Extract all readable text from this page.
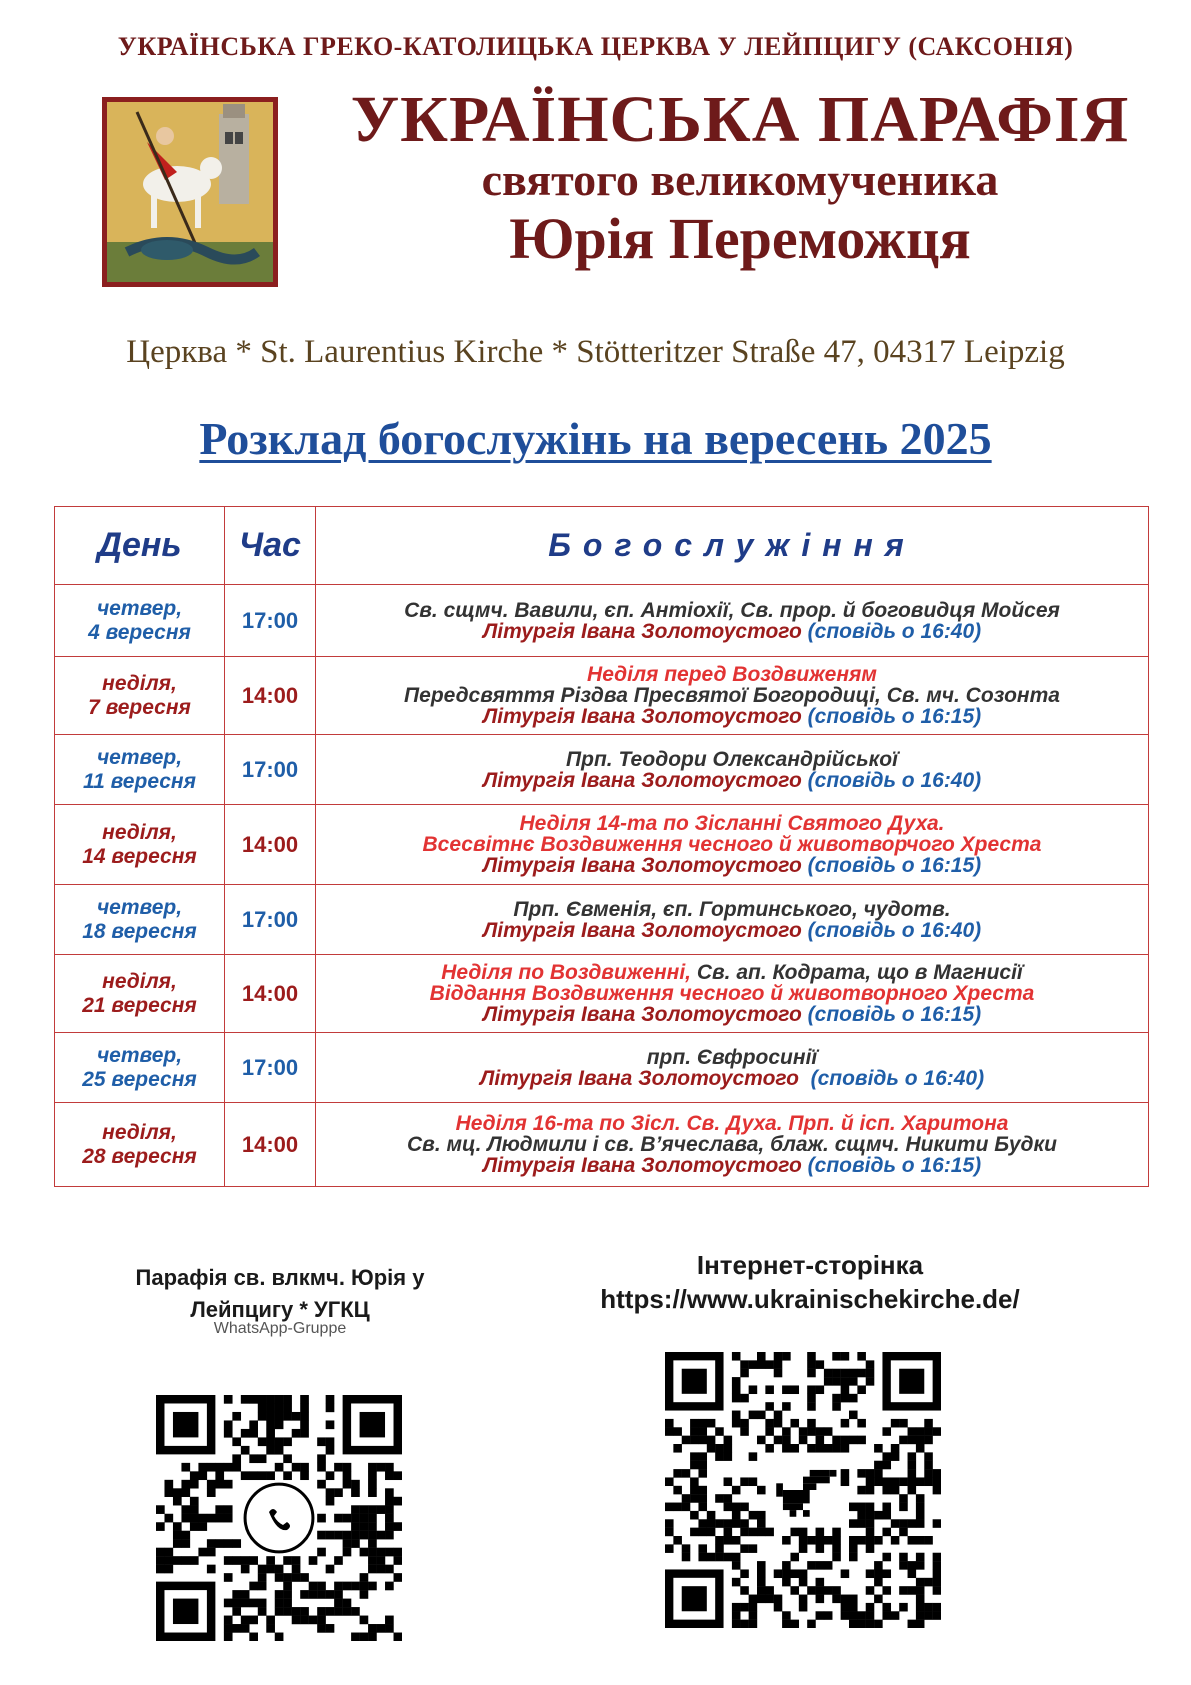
УКРАЇНСЬКА ГРЕКО-КАТОЛИЦЬКА ЦЕРКВА У ЛЕЙПЦИГУ (САКСОНІЯ)
УКРАЇНСЬКА ПАРАФІЯ
святого великомученика
Юрія Переможця
Церква * St. Laurentius Kirche * Stötteritzer Straße 47, 04317 Leipzig
Розклад богослужінь на вересень 2025
День	Час	Богослужіння
четвер,
4 вересня	17:00	Св. сщмч. Вавили, єп. Антіохії, Св. прор. й боговидця Мойсея
Літургія Івана Золотоустого (сповідь о 16:40)

неділя,
7 вересня	14:00	Неділя перед Воздвиженям
Передсвяття Різдва Пресвятої Богородиці, Св. мч. Созонта
Літургія Івана Золотоустого (сповідь о 16:15)

четвер,
11 вересня	17:00	Прп. Теодори Олександрійської
Літургія Івана Золотоустого (сповідь о 16:40)

неділя,
14 вересня	14:00	Неділя 14-та по Зісланні Святого Духа.
Всесвітнє Воздвиження чесного й животворчого Хреста
Літургія Івана Золотоустого (сповідь о 16:15)

четвер,
18 вересня	17:00	Прп. Євменія, єп. Гортинського, чудотв.
Літургія Івана Золотоустого (сповідь о 16:40)

неділя,
21 вересня	14:00	Неділя по Воздвиженні, Св. ап. Кодрата, що в Магнисії
Віддання Воздвиження чесного й животворного Хреста
Літургія Івана Золотоустого (сповідь о 16:15)

четвер,
25 вересня	17:00	прп. Євфросинії
Літургія Івана Золотоустого  (сповідь о 16:40)

неділя,
28 вересня	14:00	Неділя 16-та по Зісл. Св. Духа. Прп. й ісп. Харитона
Св. мц. Людмили і св. В’ячеслава, блаж. сщмч. Никити Будки
Літургія Івана Золотоустого (сповідь о 16:15)
Парафія св. влкмч. Юрія у
Лейпцигу * УГКЦ
WhatsApp-Gruppe
Інтернет-сторінка
https://www.ukrainischekirche.de/
